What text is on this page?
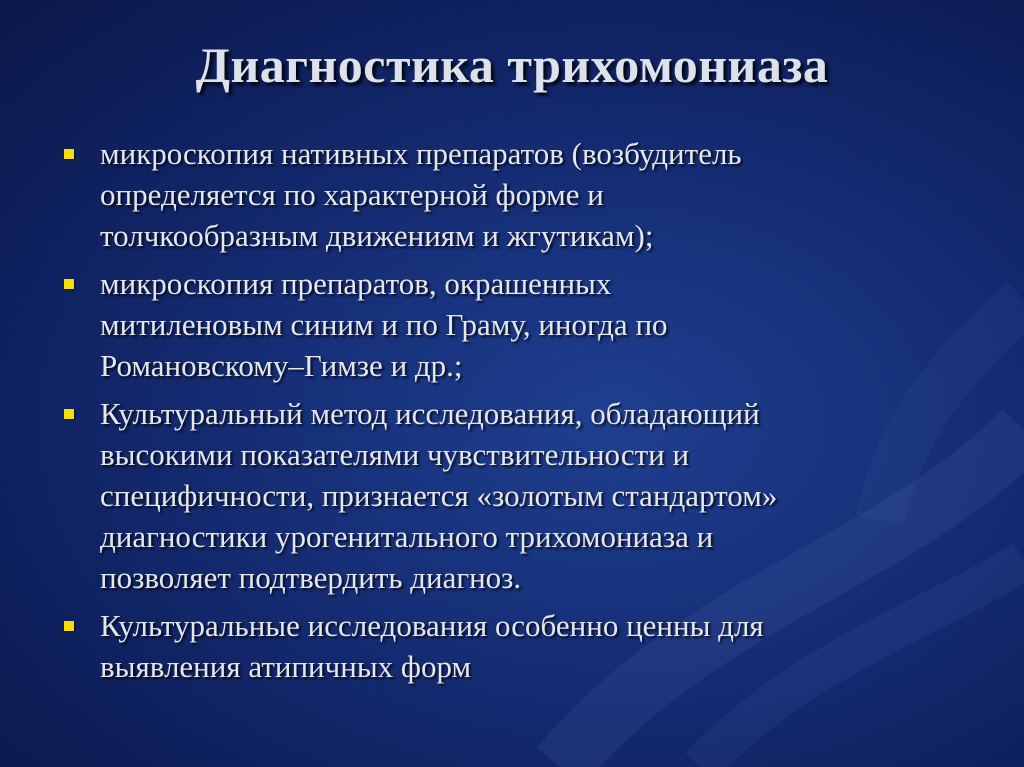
Диагностика трихомониаза
микроскопия нативных препаратов (возбудитель
определяется по характерной форме и
толчкообразным движениям и жгутикам);
микроскопия препаратов, окрашенных
митиленовым синим и по Граму, иногда по
Романовскому–Гимзе и др.;
Культуральный метод исследования, обладающий
высокими показателями чувствительности и
специфичности, признается «золотым стандартом»
диагностики урогенитального трихомониаза и
позволяет подтвердить диагноз.
Культуральные исследования особенно ценны для
выявления атипичных форм
